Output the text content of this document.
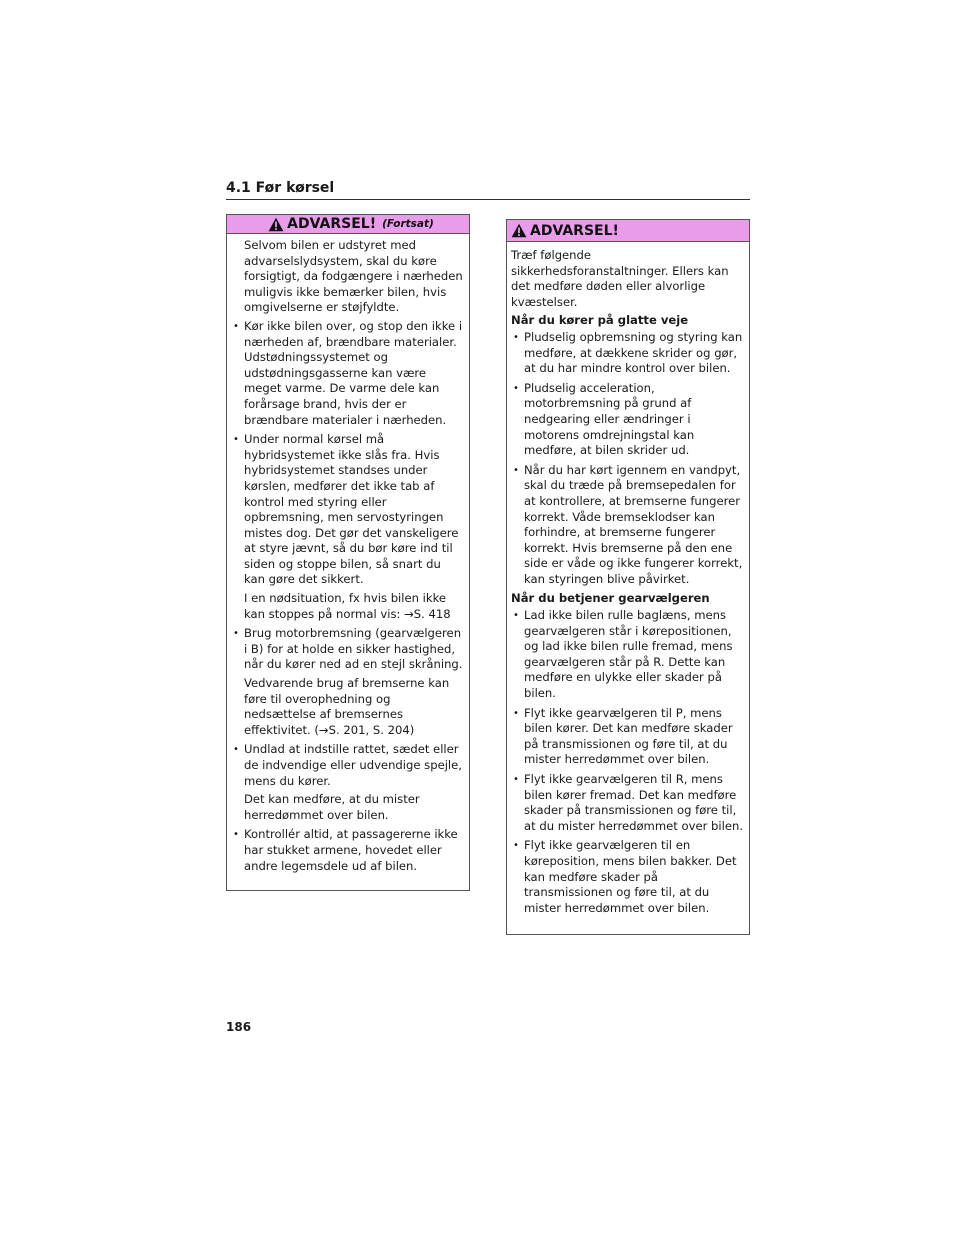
4.1 Før kørsel
ADVARSEL! (Fortsat)

Selvom bilen er udstyret med advarselslydsystem, skal du køre forsigtigt, da fodgængere i nærheden muligvis ikke bemærker bilen, hvis omgivelserne er støjfyldte.

• Kør ikke bilen over, og stop den ikke i nærheden af, brændbare materialer. Udstødningssystemet og udstødningsgasserne kan være meget varme. De varme dele kan forårsage brand, hvis der er brændbare materialer i nærheden.
• Under normal kørsel må hybridsystemet ikke slås fra. Hvis hybridsystemet standses under kørslen, medfører det ikke tab af kontrol med styring eller opbremsning, men servostyringen mistes dog. Det gør det vanskeligere at styre jævnt, så du bør køre ind til siden og stoppe bilen, så snart du kan gøre det sikkert.
I en nødsituation, fx hvis bilen ikke kan stoppes på normal vis: →S. 418
• Brug motorbremsning (gearvælgeren i B) for at holde en sikker hastighed, når du kører ned ad en stejl skråning.
Vedvarende brug af bremserne kan føre til overophedning og nedsættelse af bremsernes effektivitet. (→S. 201, S. 204)
• Undlad at indstille rattet, sædet eller de indvendige eller udvendige spejle, mens du kører.
Det kan medføre, at du mister herredømmet over bilen.
• Kontrollér altid, at passagererne ikke har stukket armene, hovedet eller andre legemsdele ud af bilen.
ADVARSEL!

Træf følgende sikkerhedsforanstaltninger. Ellers kan det medføre døden eller alvorlige kvæstelser.

Når du kører på glatte veje

• Pludselig opbremsning og styring kan medføre, at dækkene skrider og gør, at du har mindre kontrol over bilen.
• Pludselig acceleration, motorbremsning på grund af nedgearing eller ændringer i motorens omdrejningstal kan medføre, at bilen skrider ud.
• Når du har kørt igennem en vandpyt, skal du træde på bremsepedalen for at kontrollere, at bremserne fungerer korrekt. Våde bremseklodser kan forhindre, at bremserne fungerer korrekt. Hvis bremserne på den ene side er våde og ikke fungerer korrekt, kan styringen blive påvirket.

Når du betjener gearvælgeren

• Lad ikke bilen rulle baglæns, mens gearvælgeren står i kørepositionen, og lad ikke bilen rulle fremad, mens gearvælgeren står på R. Dette kan medføre en ulykke eller skader på bilen.
• Flyt ikke gearvælgeren til P, mens bilen kører. Det kan medføre skader på transmissionen og føre til, at du mister herredømmet over bilen.
• Flyt ikke gearvælgeren til R, mens bilen kører fremad. Det kan medføre skader på transmissionen og føre til, at du mister herredømmet over bilen.
• Flyt ikke gearvælgeren til en køreposition, mens bilen bakker. Det kan medføre skader på transmissionen og føre til, at du mister herredømmet over bilen.

186
